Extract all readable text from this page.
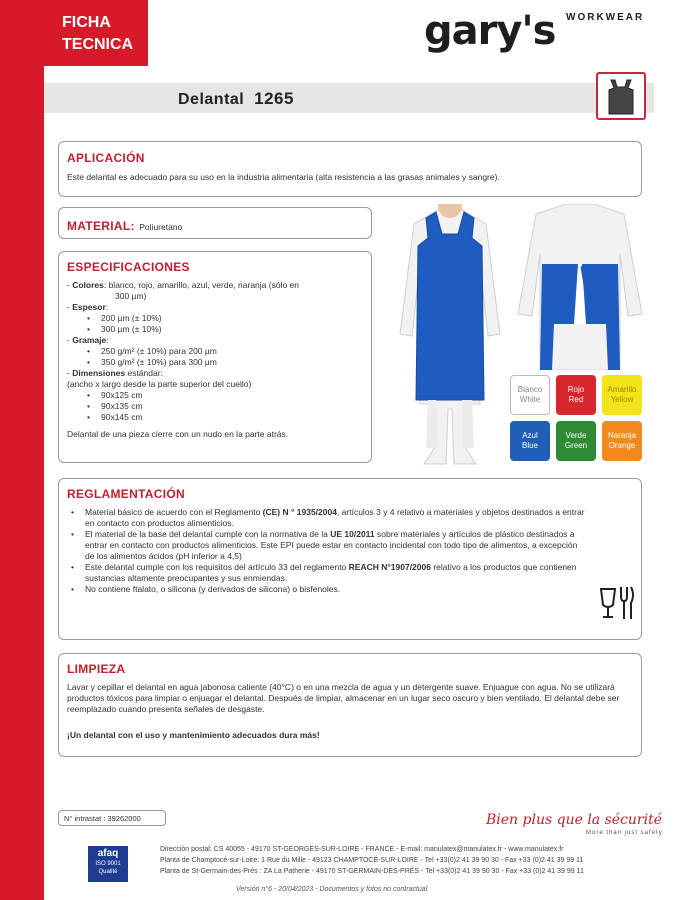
FICHA
TECNICA	gary's WORKWEAR
Delantal 1265
APLICACIÓN
Este delantal es adecuado para su uso en la industria alimentaria (alta resistencia a las grasas animales y sangre).
MATERIAL: Poliuretano
ESPECIFICACIONES
- Colores: blanco, rojo, amarillo, azul, verde, naranja (sólo en
300 µm)
- Espesor:
• 200 µm (± 10%)
• 300 µm (± 10%)
- Gramaje:
• 250 g/m² (± 10%) para 200 µm
• 350 g/m² (± 10%) para 300 µm
- Dimensiones estándar:
(ancho x largo desde la parte superior del cuello)
• 90x125 cm
• 90x135 cm
• 90x145 cm
Delantal de una pieza cierre con un nudo en la parte atrás.
Blanco
White
Rojo
Red
Amarillo
Yellow
Azul
Blue
Verde
Green
Naranja
Orange
REGLAMENTACIÓN
• Material básico de acuerdo con el Reglamento (CE) N ° 1935/2004, artículos 3 y 4 relativo a materiales y objetos destinados a entrar en contacto con productos alimenticios.
• El material de la base del delantal cumple con la normativa de la UE 10/2011 sobre materiales y artículos de plástico destinados a entrar en contacto con productos alimenticios. Este EPI puede estar en contacto incidental con todo tipo de alimentos, a excepción de los alimentos ácidos (pH inferior a 4,5)
• Este delantal cumple con los requisitos del artículo 33 del reglamento REACH N°1907/2006 relativo a los productos que contienen sustancias altamente preocupantes y sus enmiendas.
• No contiene ftalato, o silicona (y derivados de silicona) o bisfenoles.
LIMPIEZA
Lavar y cepillar el delantal en agua jabonosa caliente (40°C) o en una mezcla de agua y un detergente suave. Enjuague con agua. No se utilizará productos tóxicos para limpiar o enjuagar el delantal. Después de limpiar, almacenar en un lugar seco oscuro y bien ventilado. El delantal debe ser reemplazado cuando presenta señales de desgaste.
¡Un delantal con el uso y mantenimiento adecuados dura más!
N° intrastat : 39262000	Bien plus que la sécurité
More than just safety
afaq
ISO 9001
Qualité
Dirección postal: CS 40055 - 49170 ST-GEORGES-SUR-LOIRE - FRANCE - E-mail: manulatex@manulatex.fr - www.manulatex.fr
Planta de Champtocé-sur-Loire: 1 Rue du Mille - 49123 CHAMPTOCÉ-SUR-LOIRE - Tel +33(0)2 41 39 90 30 - Fax +33 (0)2 41 39 99 11
Planta de St-Germain-des-Prés : ZA La Patherie - 49170 ST-GERMAIN-DES-PRÉS - Tel +33(0)2 41 39 90 30 - Fax +33 (0)2 41 39 99 11
Versión n°6 - 20/04/2023 - Documentos y fotos no contractual
